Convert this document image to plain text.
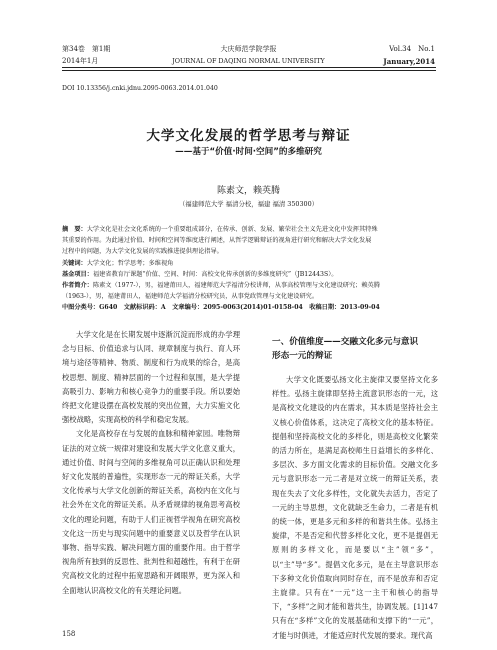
第34卷　第1期
2014年1月
大庆师范学院学报
JOURNAL OF DAQING NORMAL UNIVERSITY
Vol.34　No.1
January,2014
DOI 10.13356/j.cnki.jdnu.2095-0063.2014.01.040
大学文化发展的哲学思考与辩证
——基于“价值·时间·空间”的多维研究
陈素文，赖英腾
（福建师范大学 福清分校，福建 福清 350300）
摘　要：大学文化是社会文化系统的一个重要组成部分，在传承、创新、发展、繁荣社会主义先进文化中发挥其特殊
其重要的作用。为此通过价值、时间和空间等维度进行阐述，从哲学逻辑辩证的视角进行研究和解决大学文化发展
过程中的问题，为大学文化发展的实践推进提供理论指导。
关键词：大学文化；哲学思考；多维视角
基金项目：福建省教育厅课题“价值、空间、时间：高校文化传承创新的多维度研究”（JB12443S）。
作者简介：陈素文（1977-），男，福建莆田人，福建师范大学福清分校讲师，从事高校管理与文化建设研究；赖英腾
（1963-），男，福建莆田人，福建师范大学福清分校研究员，从事党政管理与文化建设研究。
中图分类号：G640 文献标识码：A 文章编号：2095-0063(2014)01-0158-04 收稿日期：2013-09-04

大学文化是在长期发展中逐渐沉淀而形成的办学理念与目标、价值追求与认同、规章制度与执行、育人环境与途径等精神、物质、制度和行为成果的综合，是高校思想、制度、精神层面的一个过程和氛围，是大学提高吸引力、影响力和核心竞争力的重要手段。所以要始终把文化建设摆在高校发展的突出位置，大力实施文化强校战略，实现高校的科学和稳定发展。

文化是高校存在与发展的血脉和精神家园。唯物辩证法的对立统一规律对建设和发展大学文化意义重大，通过价值、时间与空间的多维视角可以正确认识和处理好文化发展的普遍性，实现形态一元的辩证关系，大学文化传承与大学文化创新的辩证关系，高校内在文化与社会外在文化的辩证关系。从矛盾规律的视角思考高校文化的理论问题，有助于人们正视哲学视角在研究高校文化这一历史与现实问题中的重要意义以及哲学在认识事物、指导实践、解决问题方面的重要作用。由于哲学视角所有独到的反思性、批判性和超越性，有利于在研究高校文化的过程中拓宽思路和开阔眼界，更为深入和全面地认识高校文化的有关理论问题。

158
一、价值维度——交融文化多元与意识
形态一元的辩证

大学文化既要弘扬文化主旋律又要坚持文化多样性。弘扬主旋律即坚持主流意识形态的一元，这是高校文化建设的内在需求，其本质是坚持社会主义核心价值体系，这决定了高校文化的基本特征。提倡和坚持高校文化的多样化，则是高校文化繁荣的活力所在，是满足高校师生日益增长的多样化、多层次、多方面文化需求的目标价值。交融文化多元与意识形态一元二者是对立统一的辩证关系，表现在失去了文化多样性，文化就失去活力，否定了一元的主导思想，文化就缺乏生命力，二者是有机的统一体，更是多元和多样的和谐共生体。弘扬主旋律，不是否定和代替多样化文化，更不是提倡无原则的多样文化，而是要以“主”领“多”，以“主”导“多”。提倡文化多元，是在主导意识形态下多种文化价值取向同时存在，而不是放弃和否定主旋律。只有在“一元”这一主干和核心的指导下，“多样”之间才能和谐共生，协调发展。[1]147 只有在“多样”文化的发展基础和支撑下的“一元”，才能与时俱进，才能适应时代发展的要求。现代高
